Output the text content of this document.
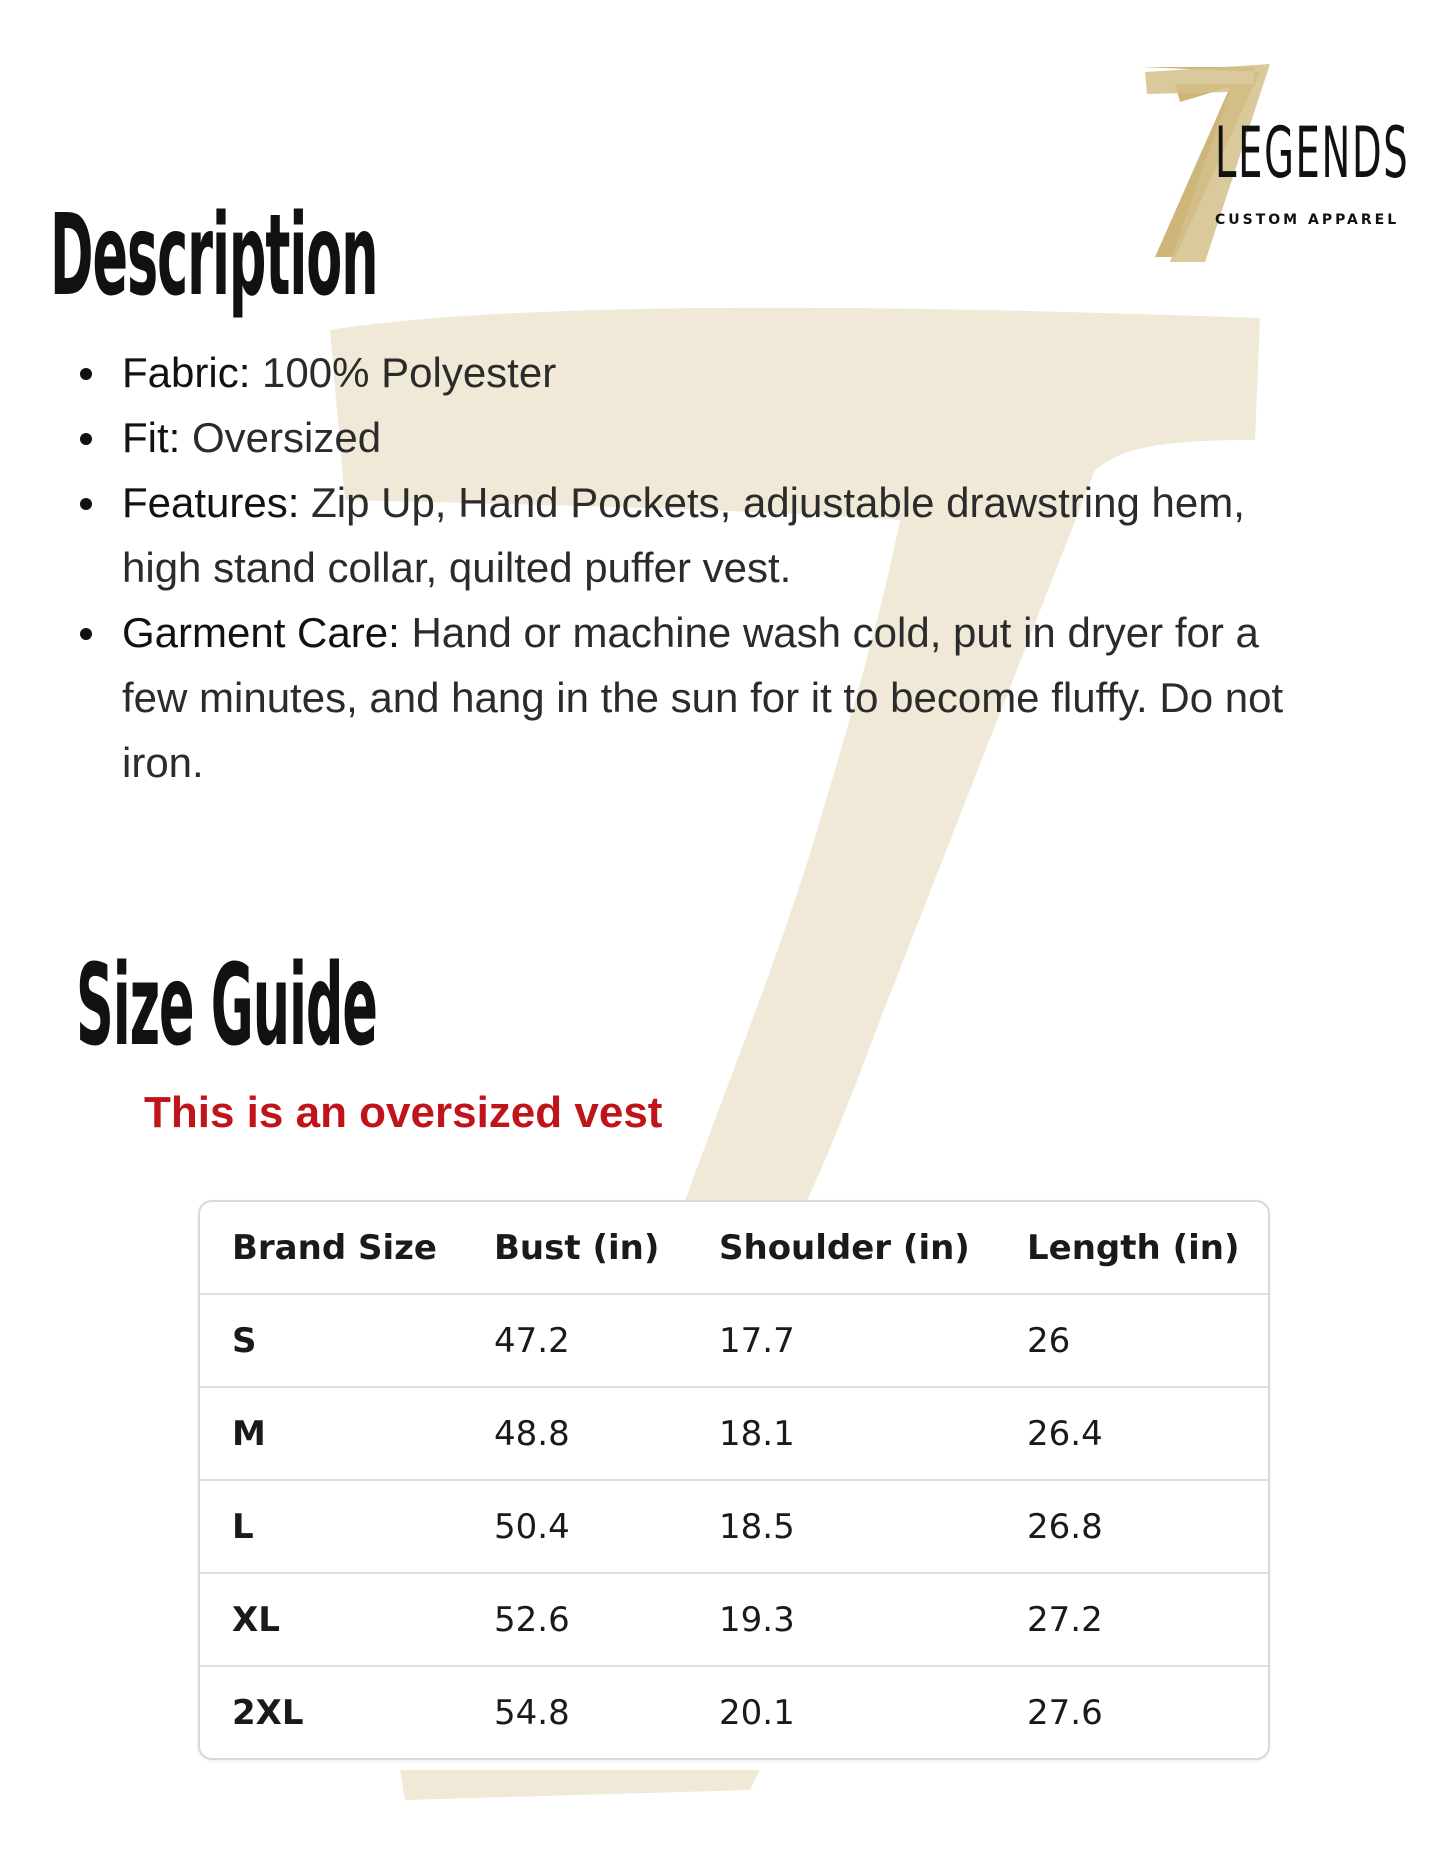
LEGENDS
CUSTOM APPAREL
Description
Fabric: 100% Polyester
Fit: Oversized
Features: Zip Up, Hand Pockets, adjustable drawstring hem, high stand collar, quilted puffer vest.
Garment Care: Hand or machine wash cold, put in dryer for a few minutes, and hang in the sun for it to become fluffy. Do not iron.
Size Guide
This is an oversized vest
Brand Size	Bust (in)	Shoulder (in)	Length (in)
S	47.2	17.7	26
M	48.8	18.1	26.4
L	50.4	18.5	26.8
XL	52.6	19.3	27.2
2XL	54.8	20.1	27.6
